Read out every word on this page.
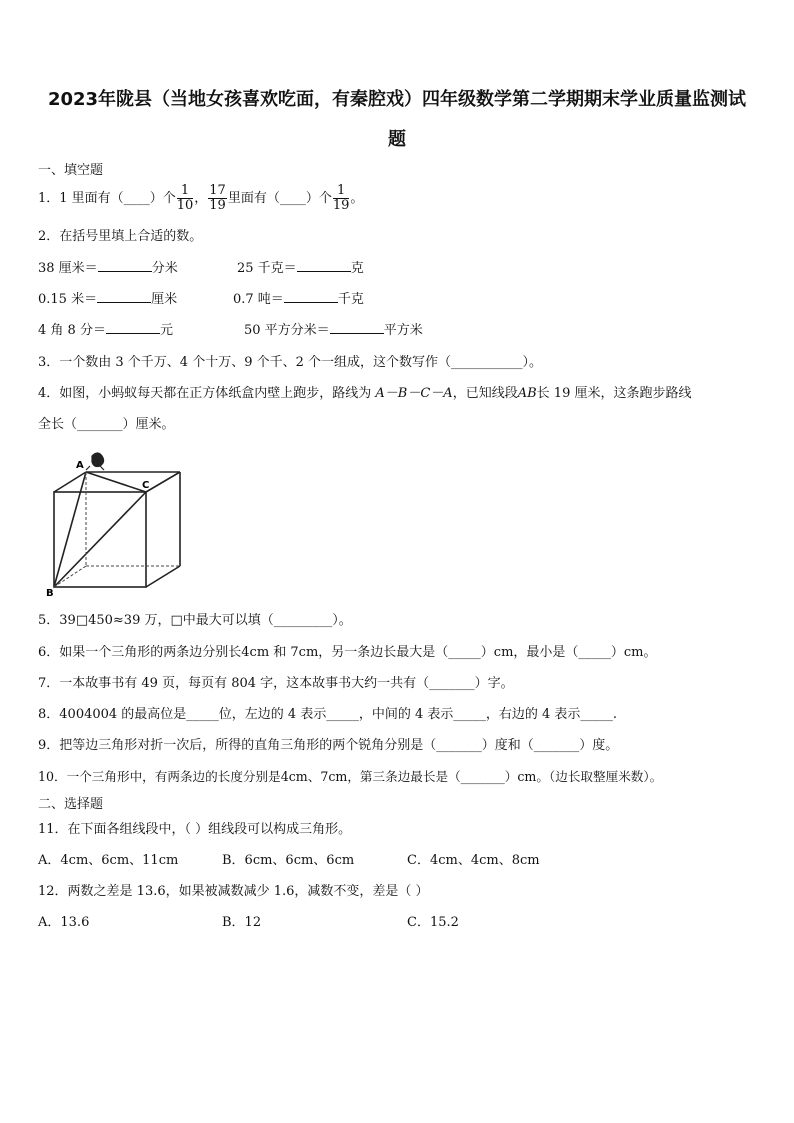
2023年陇县（当地女孩喜欢吃面，有秦腔戏）四年级数学第二学期期末学业质量监测试
题
一、填空题
1．1 里面有（____）个 $\frac{1}{10}$ ， $\frac{17}{19}$ 里面有（____）个 $\frac{1}{19}$ 。
2．在括号里填上合适的数。
38 厘米＝	分米	25 千克＝	克
0.15 米＝	厘米	0.7 吨＝	千克
4 角 8 分＝	元	50 平方分米＝	平方米
3．一个数由 3 个千万、4 个十万、9 个千、2 个一组成，这个数写作（___________）。
4．如图，小蚂蚁每天都在正方体纸盒内壁上跑步，路线为 A－B－C－A，已知线段AB长 19 厘米，这条跑步路线
全长（_______）厘米。
A
B
C
5．39□450≈39 万，□中最大可以填（_________）。
6．如果一个三角形的两条边分别长4cm 和 7cm，另一条边长最大是（_____）cm，最小是（_____）cm。
7．一本故事书有 49 页，每页有 804 字，这本故事书大约一共有（_______）字。
8．4004004 的最高位是_____位，左边的 4 表示_____，中间的 4 表示_____，右边的 4 表示_____.
9．把等边三角形对折一次后，所得的直角三角形的两个锐角分别是（_______）度和（_______）度。
10．一个三角形中，有两条边的长度分别是4cm、7cm，第三条边最长是（_______）cm。（边长取整厘米数）。
二、选择题
11．在下面各组线段中，（ ）组线段可以构成三角形。
A．4cm、6cm、11cm	B．6cm、6cm、6cm	C．4cm、4cm、8cm
12．两数之差是 13.6，如果被减数减少 1.6，减数不变，差是（ ）
A．13.6	B．12	C．15.2
